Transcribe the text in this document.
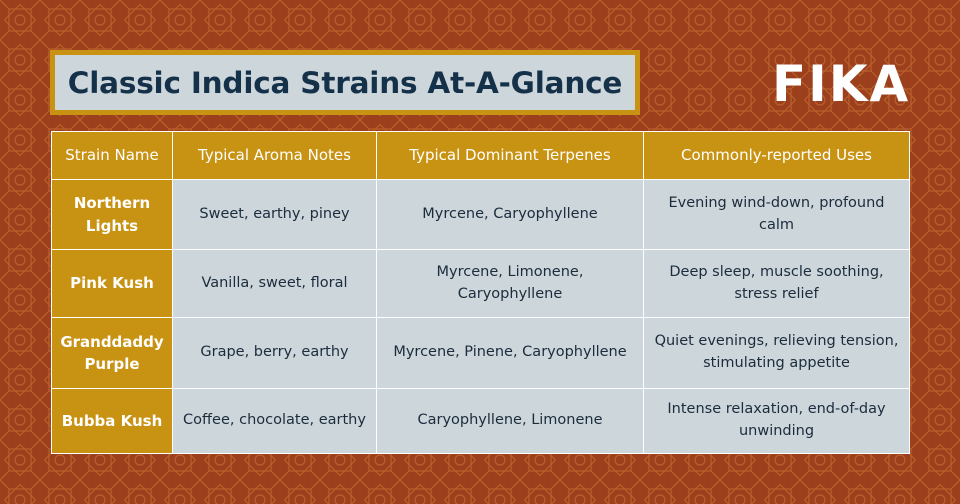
Classic Indica Strains At-A-Glance	FIKA
Strain Name	Typical Aroma Notes	Typical Dominant Terpenes	Commonly-reported Uses
Northern Lights	Sweet, earthy, piney	Myrcene, Caryophyllene	Evening wind-down, profound calm
Pink Kush	Vanilla, sweet, floral	Myrcene, Limonene, Caryophyllene	Deep sleep, muscle soothing, stress relief
Granddaddy Purple	Grape, berry, earthy	Myrcene, Pinene, Caryophyllene	Quiet evenings, relieving tension, stimulating appetite
Bubba Kush	Coffee, chocolate, earthy	Caryophyllene, Limonene	Intense relaxation, end-of-day unwinding
